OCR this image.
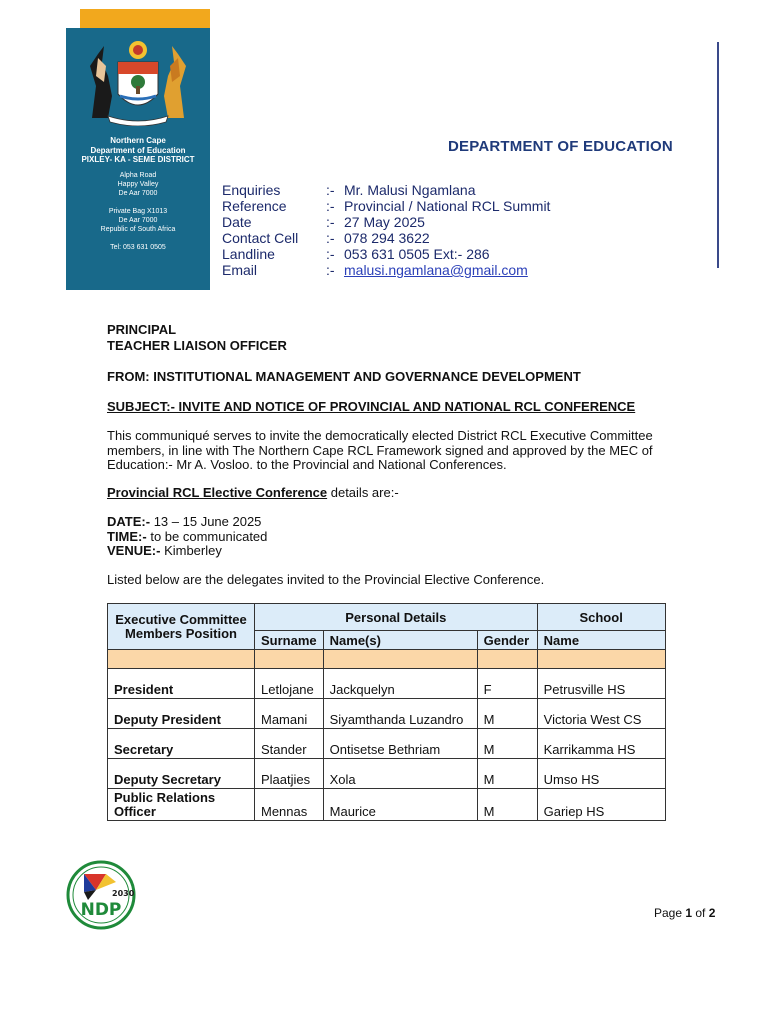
Northern Cape
Department of Education
PIXLEY- KA - SEME DISTRICT
Alpha Road
Happy Valley
De Aar 7000
Private Bag X1013
De Aar 7000
Republic of South Africa
Tel: 053 631 0505
DEPARTMENT OF EDUCATION
Enquiries	:- Mr. Malusi Ngamlana
Reference	:- Provincial / National RCL Summit
Date	:- 27 May 2025
Contact Cell :- 078 294 3622
Landline	:- 053 631 0505 Ext:- 286
Email	:- malusi.ngamlana@gmail.com
PRINCIPAL
TEACHER LIAISON OFFICER
FROM: INSTITUTIONAL MANAGEMENT AND GOVERNANCE DEVELOPMENT
SUBJECT:- INVITE AND NOTICE OF PROVINCIAL AND NATIONAL RCL CONFERENCE
This communiqué serves to invite the democratically elected District RCL Executive Committee
members, in line with The Northern Cape RCL Framework signed and approved by the MEC of
Education:- Mr A. Vosloo. to the Provincial and National Conferences.
Provincial RCL Elective Conference details are:-
DATE:- 13 – 15 June 2025
TIME:- to be communicated
VENUE:- Kimberley
Listed below are the delegates invited to the Provincial Elective Conference.
Executive Committee Members Position	Personal Details			School
	Surname	Name(s)	Gender	Name

President	Letlojane	Jackquelyn	F	Petrusville HS
Deputy President	Mamani	Siyamthanda Luzandro	M	Victoria West CS
Secretary	Stander	Ontisetse Bethriam	M	Karrikamma HS
Deputy Secretary	Plaatjies	Xola	M	Umso HS
Public Relations Officer	Mennas	Maurice	M	Gariep HS
2030
NDP	Page 1 of 2
